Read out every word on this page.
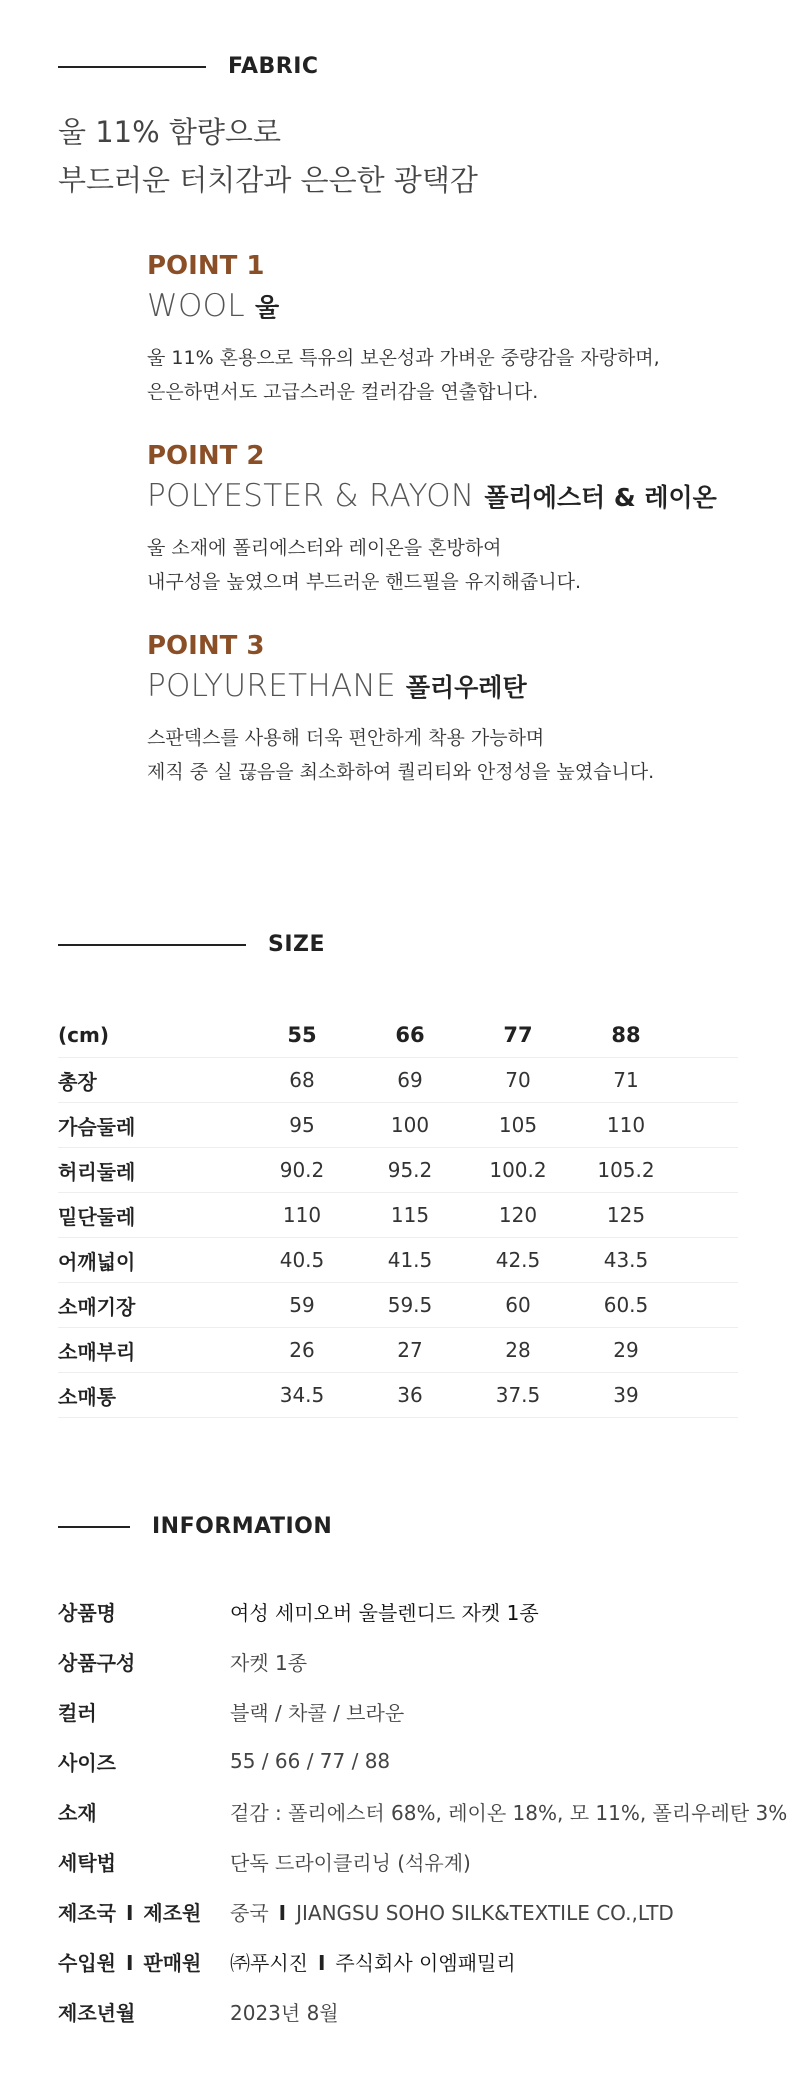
FABRIC
울 11% 함량으로
부드러운 터치감과 은은한 광택감
POINT 1
WOOL 울
울 11% 혼용으로 특유의 보온성과 가벼운 중량감을 자랑하며,
은은하면서도 고급스러운 컬러감을 연출합니다.
POINT 2
POLYESTER & RAYON 폴리에스터 & 레이온
울 소재에 폴리에스터와 레이온을 혼방하여
내구성을 높였으며 부드러운 핸드필을 유지해줍니다.
POINT 3
POLYURETHANE 폴리우레탄
스판덱스를 사용해 더욱 편안하게 착용 가능하며
제직 중 실 끊음을 최소화하여 퀄리티와 안정성을 높였습니다.
SIZE
(cm)	55	66	77	88	
총장	68	69	70	71	
가슴둘레	95	100	105	110	
허리둘레	90.2	95.2	100.2	105.2	
밑단둘레	110	115	120	125	
어깨넓이	40.5	41.5	42.5	43.5	
소매기장	59	59.5	60	60.5	
소매부리	26	27	28	29	
소매통	34.5	36	37.5	39	
INFORMATION
상품명	여성 세미오버 울블렌디드 자켓 1종
상품구성	자켓 1종
컬러	블랙 / 차콜 / 브라운
사이즈	55 / 66 / 77 / 88
소재	겉감 : 폴리에스터 68%, 레이온 18%, 모 11%, 폴리우레탄 3%
세탁법	단독 드라이클리닝 (석유계)
제조국 I 제조원	중국 I JIANGSU SOHO SILK&TEXTILE CO.,LTD
수입원 I 판매원	㈜푸시진 I 주식회사 이엠패밀리
제조년월	2023년 8월
